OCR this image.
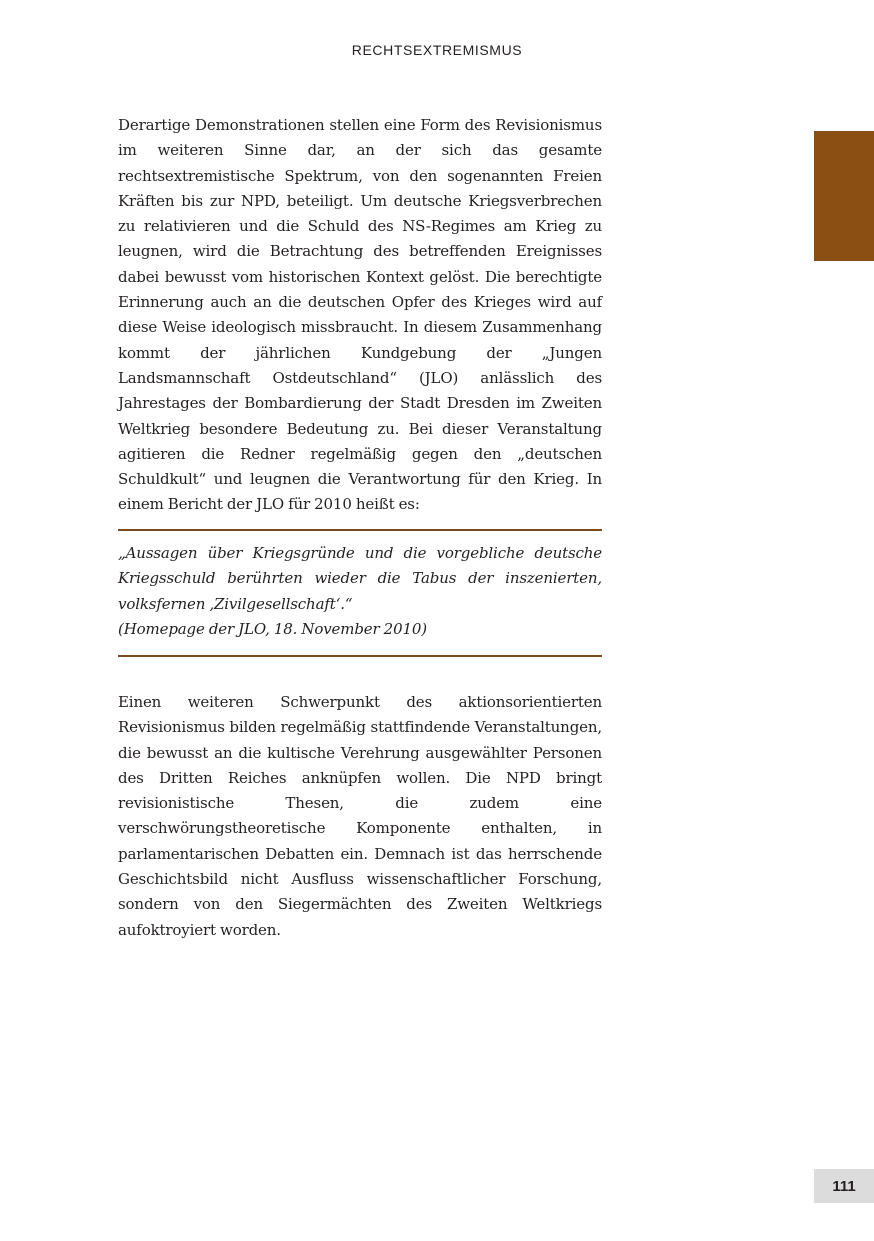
RECHTSEXTREMISMUS

Derartige Demonstrationen stellen eine Form des Revisionismus im weiteren Sinne dar, an der sich das gesamte rechtsextremistische Spektrum, von den sogenannten Freien Kräften bis zur NPD, beteiligt. Um deutsche Kriegsverbrechen zu relativieren und die Schuld des NS-Regimes am Krieg zu leugnen, wird die Betrachtung des betreffenden Ereignisses dabei bewusst vom historischen Kontext gelöst. Die berechtigte Erinnerung auch an die deutschen Opfer des Krieges wird auf diese Weise ideologisch missbraucht. In diesem Zusammenhang kommt der jährlichen Kundgebung der „Jungen Landsmannschaft Ostdeutschland“ (JLO) anlässlich des Jahrestages der Bombardierung der Stadt Dresden im Zweiten Weltkrieg besondere Bedeutung zu. Bei dieser Veranstaltung agitieren die Redner regelmäßig gegen den „deutschen Schuldkult“ und leugnen die Verantwortung für den Krieg. In einem Bericht der JLO für 2010 heißt es:

„Aussagen über Kriegsgründe und die vorgebliche deutsche Kriegsschuld berührten wieder die Tabus der inszenierten, volksfernen ‚Zivilgesellschaft‘.“
(Homepage der JLO, 18. November 2010)

Einen weiteren Schwerpunkt des aktionsorientierten Revisionismus bilden regelmäßig stattfindende Veranstaltungen, die bewusst an die kultische Verehrung ausgewählter Personen des Dritten Reiches anknüpfen wollen. Die NPD bringt revisionistische Thesen, die zudem eine verschwörungstheoretische Komponente enthalten, in parlamentarischen Debatten ein. Demnach ist das herrschende Geschichtsbild nicht Ausfluss wissenschaftlicher Forschung, sondern von den Siegermächten des Zweiten Weltkriegs aufoktroyiert worden.

111
